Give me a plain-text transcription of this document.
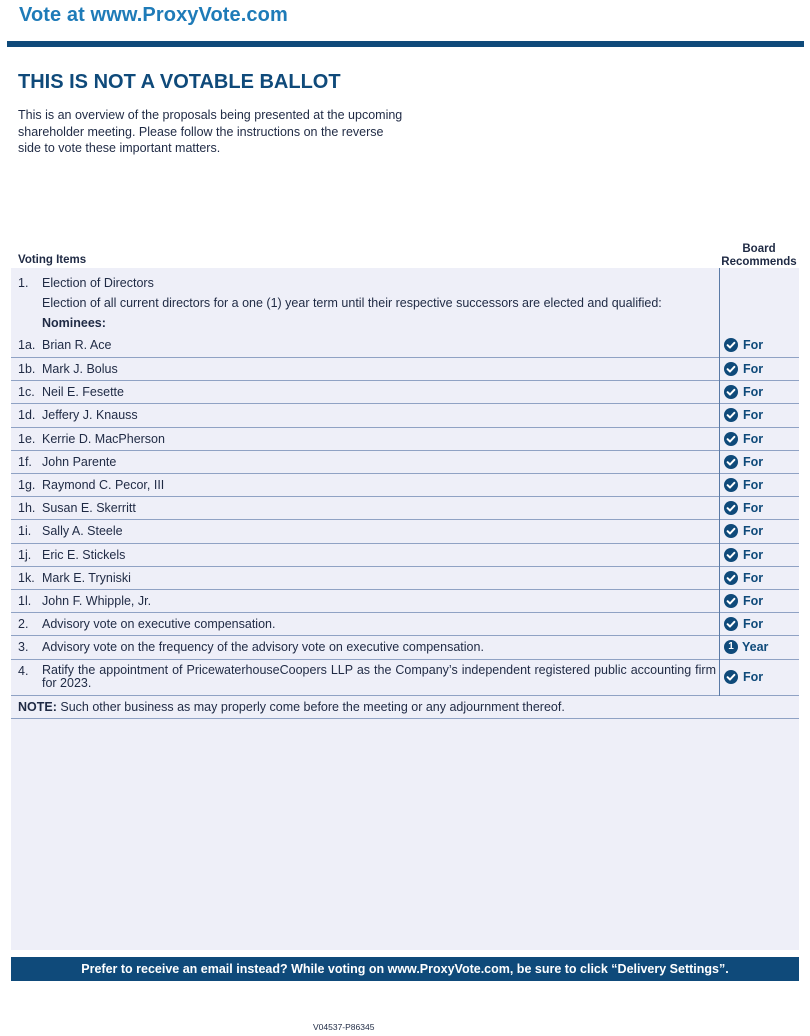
Vote at www.ProxyVote.com
THIS IS NOT A VOTABLE BALLOT
This is an overview of the proposals being presented at the upcoming shareholder meeting. Please follow the instructions on the reverse side to vote these important matters.
Voting Items
Board
Recommends
1. Election of Directors
Election of all current directors for a one (1) year term until their respective successors are elected and qualified:
Nominees:
1a. Brian R. Ace	For
1b. Mark J. Bolus	For
1c. Neil E. Fesette	For
1d. Jeffery J. Knauss	For
1e. Kerrie D. MacPherson	For
1f. John Parente	For
1g. Raymond C. Pecor, III	For
1h. Susan E. Skerritt	For
1i. Sally A. Steele	For
1j. Eric E. Stickels	For
1k. Mark E. Tryniski	For
1l. John F. Whipple, Jr.	For
2. Advisory vote on executive compensation.	For
3. Advisory vote on the frequency of the advisory vote on executive compensation.	1 Year
4. Ratify the appointment of PricewaterhouseCoopers LLP as the Company’s independent registered public accounting firm for 2023.	For
NOTE: Such other business as may properly come before the meeting or any adjournment thereof.
Prefer to receive an email instead? While voting on www.ProxyVote.com, be sure to click “Delivery Settings”.
V04537-P86345
